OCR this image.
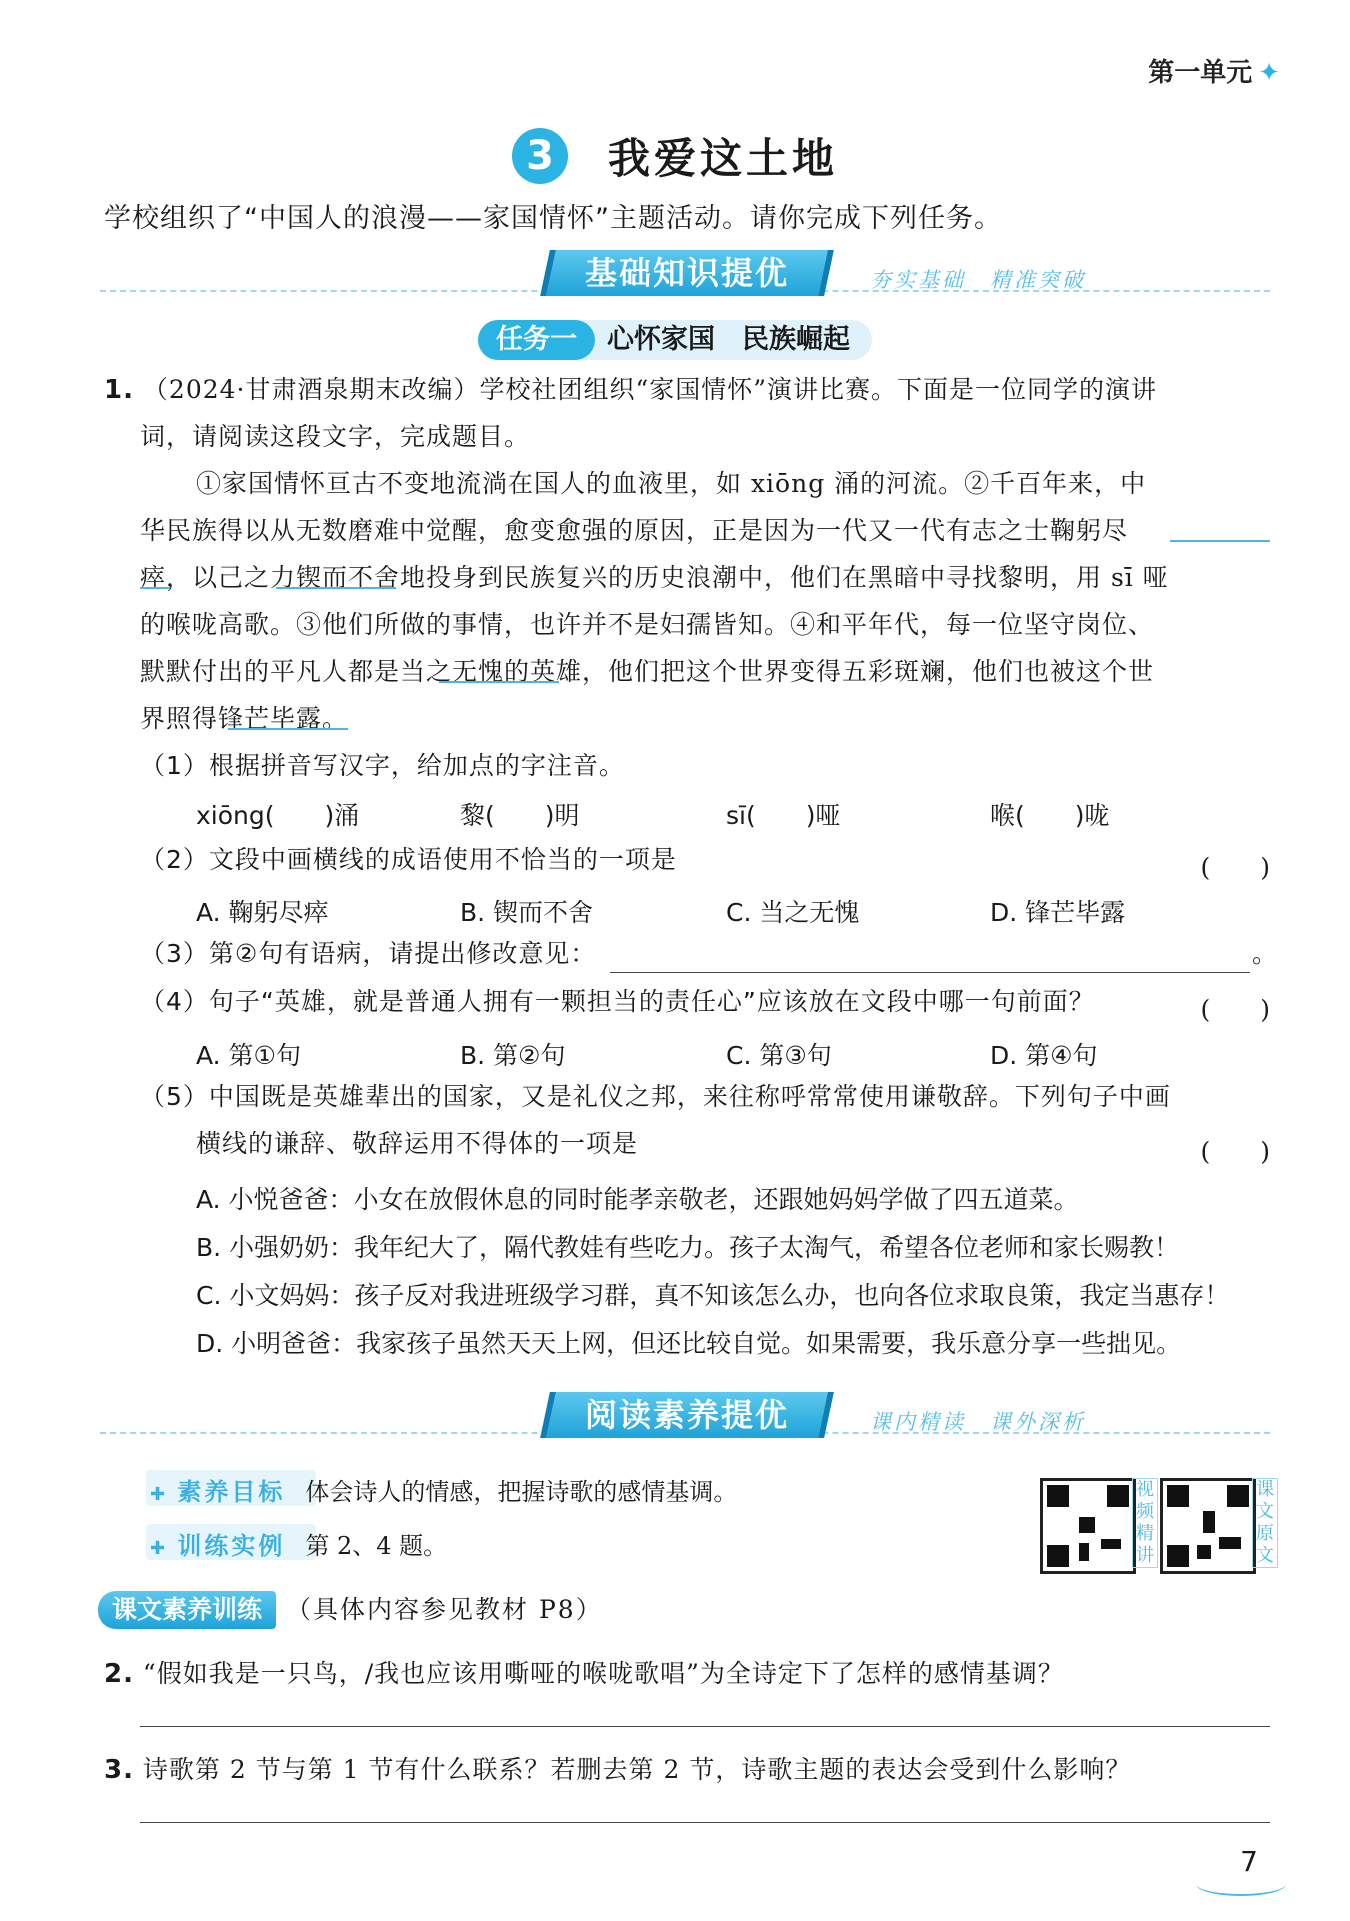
第一单元 ✦
3 我爱这土地
学校组织了“中国人的浪漫——家国情怀”主题活动。请你完成下列任务。
基础知识提优	夯实基础　精准突破
任务一 心怀家国　民族崛起
1. （2024·甘肃酒泉期末改编）学校社团组织“家国情怀”演讲比赛。下面是一位同学的演讲
词，请阅读这段文字，完成题目。
①家国情怀亘古不变地流淌在国人的血液里，如 xiōng 涌的河流。②千百年来，中
华民族得以从无数磨难中觉醒，愈变愈强的原因，正是因为一代又一代有志之士鞠躬尽
瘁，以己之力锲而不舍地投身到民族复兴的历史浪潮中，他们在黑暗中寻找黎明，用 sī 哑
的喉咙高歌。③他们所做的事情，也许并不是妇孺皆知。④和平年代，每一位坚守岗位、
默默付出的平凡人都是当之无愧的英雄，他们把这个世界变得五彩斑斓，他们也被这个世
界照得锋芒毕露。
（1）根据拼音写汉字，给加点的字注音。
xiōng(　　)涌	黎(　　)明	sī(　　)哑	喉(　　)咙
（2）文段中画横线的成语使用不恰当的一项是	(　　)
A. 鞠躬尽瘁	B. 锲而不舍	C. 当之无愧	D. 锋芒毕露
（3）第②句有语病，请提出修改意见：	。
（4）句子“英雄，就是普通人拥有一颗担当的责任心”应该放在文段中哪一句前面？	(　　)
A. 第①句	B. 第②句	C. 第③句	D. 第④句
（5）中国既是英雄辈出的国家，又是礼仪之邦，来往称呼常常使用谦敬辞。下列句子中画
横线的谦辞、敬辞运用不得体的一项是	(　　)
A. 小悦爸爸：小女在放假休息的同时能孝亲敬老，还跟她妈妈学做了四五道菜。
B. 小强奶奶：我年纪大了，隔代教娃有些吃力。孩子太淘气，希望各位老师和家长赐教！
C. 小文妈妈：孩子反对我进班级学习群，真不知该怎么办，也向各位求取良策，我定当惠存！
D. 小明爸爸：我家孩子虽然天天上网，但还比较自觉。如果需要，我乐意分享一些拙见。
阅读素养提优	课内精读　课外深析
✚ 素养目标 体会诗人的情感，把握诗歌的感情基调。
✚ 训练实例 第 2、4 题。
视频精讲
课文原文
课文素养训练 （具体内容参见教材 P8）
2. “假如我是一只鸟，/我也应该用嘶哑的喉咙歌唱”为全诗定下了怎样的感情基调？
3. 诗歌第 2 节与第 1 节有什么联系？若删去第 2 节，诗歌主题的表达会受到什么影响？
7
